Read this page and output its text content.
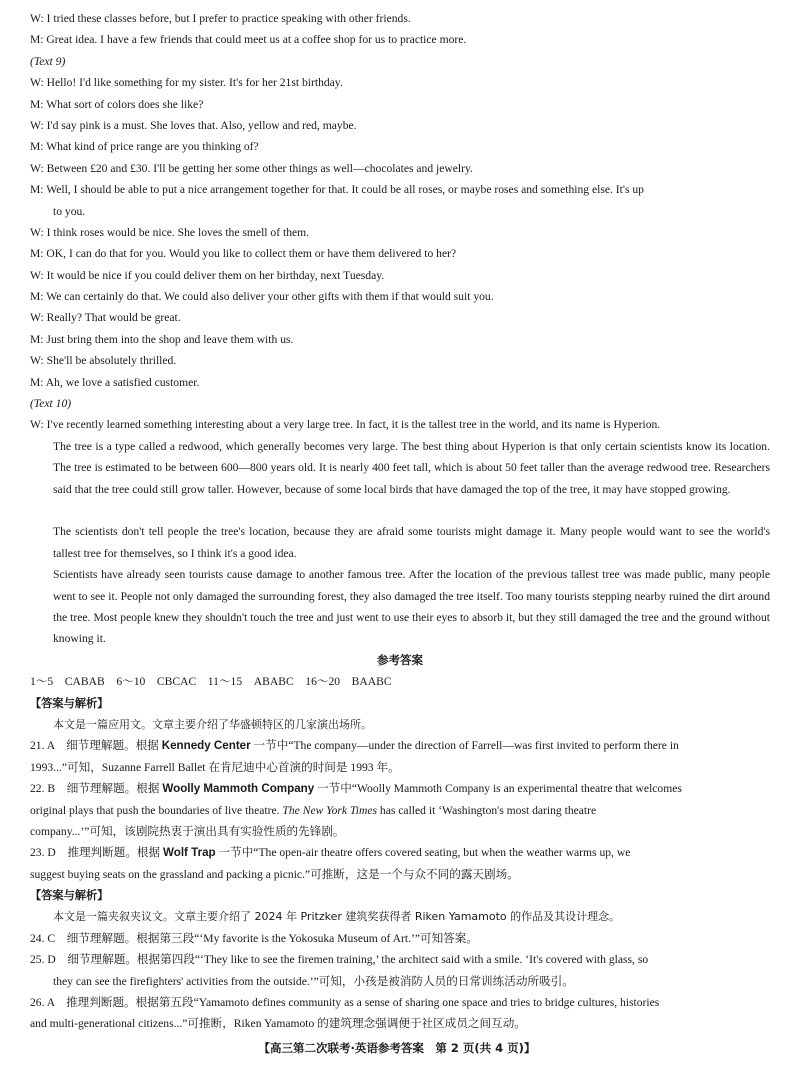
W: I tried these classes before, but I prefer to practice speaking with other friends.
M: Great idea. I have a few friends that could meet us at a coffee shop for us to practice more.
(Text 9)
W: Hello! I'd like something for my sister. It's for her 21st birthday.
M: What sort of colors does she like?
W: I'd say pink is a must. She loves that. Also, yellow and red, maybe.
M: What kind of price range are you thinking of?
W: Between £20 and £30. I'll be getting her some other things as well—chocolates and jewelry.
M: Well, I should be able to put a nice arrangement together for that. It could be all roses, or maybe roses and something else. It's up
to you.
W: I think roses would be nice. She loves the smell of them.
M: OK, I can do that for you. Would you like to collect them or have them delivered to her?
W: It would be nice if you could deliver them on her birthday, next Tuesday.
M: We can certainly do that. We could also deliver your other gifts with them if that would suit you.
W: Really? That would be great.
M: Just bring them into the shop and leave them with us.
W: She'll be absolutely thrilled.
M: Ah, we love a satisfied customer.
(Text 10)
W: I've recently learned something interesting about a very large tree. In fact, it is the tallest tree in the world, and its name is Hyperion.
The tree is a type called a redwood, which generally becomes very large. The best thing about Hyperion is that only certain scientists know its location. The tree is estimated to be between 600—800 years old. It is nearly 400 feet tall, which is about 50 feet taller than the average redwood tree. Researchers said that the tree could still grow taller. However, because of some local birds that have damaged the top of the tree, it may have stopped growing.
The scientists don't tell people the tree's location, because they are afraid some tourists might damage it. Many people would want to see the world's tallest tree for themselves, so I think it's a good idea.
Scientists have already seen tourists cause damage to another famous tree. After the location of the previous tallest tree was made public, many people went to see it. People not only damaged the surrounding forest, they also damaged the tree itself. Too many tourists stepping nearby ruined the dirt around the tree. Most people knew they shouldn't touch the tree and just went to use their eyes to absorb it, but they still damaged the tree and the ground without knowing it.
参考答案
1～5　CABAB　6～10　CBCAC　11～15　ABABC　16～20　BAABC
【答案与解析】
本文是一篇应用文。文章主要介绍了华盛顿特区的几家演出场所。
21. A　细节理解题。根据 Kennedy Center 一节中“The company—under the direction of Farrell—was first invited to perform there in
1993...”可知，Suzanne Farrell Ballet 在肯尼迪中心首演的时间是 1993 年。
22. B　细节理解题。根据 Woolly Mammoth Company 一节中“Woolly Mammoth Company is an experimental theatre that welcomes
original plays that push the boundaries of live theatre. The New York Times has called it ‘Washington's most daring theatre
company...’”可知，该剧院热衷于演出具有实验性质的先锋剧。
23. D　推理判断题。根据 Wolf Trap 一节中“The open-air theatre offers covered seating, but when the weather warms up, we
suggest buying seats on the grassland and packing a picnic.”可推断，这是一个与众不同的露天剧场。
【答案与解析】
本文是一篇夹叙夹议文。文章主要介绍了 2024 年 Pritzker 建筑奖获得者 Riken Yamamoto 的作品及其设计理念。
24. C　细节理解题。根据第三段“‘My favorite is the Yokosuka Museum of Art.’”可知答案。
25. D　细节理解题。根据第四段“‘They like to see the firemen training,’ the architect said with a smile. ‘It's covered with glass, so
they can see the firefighters' activities from the outside.’”可知，小孩是被消防人员的日常训练活动所吸引。
26. A　推理判断题。根据第五段“Yamamoto defines community as a sense of sharing one space and tries to bridge cultures, histories
and multi-generational citizens...”可推断，Riken Yamamoto 的建筑理念强调便于社区成员之间互动。
【高三第二次联考·英语参考答案　第 2 页(共 4 页)】
